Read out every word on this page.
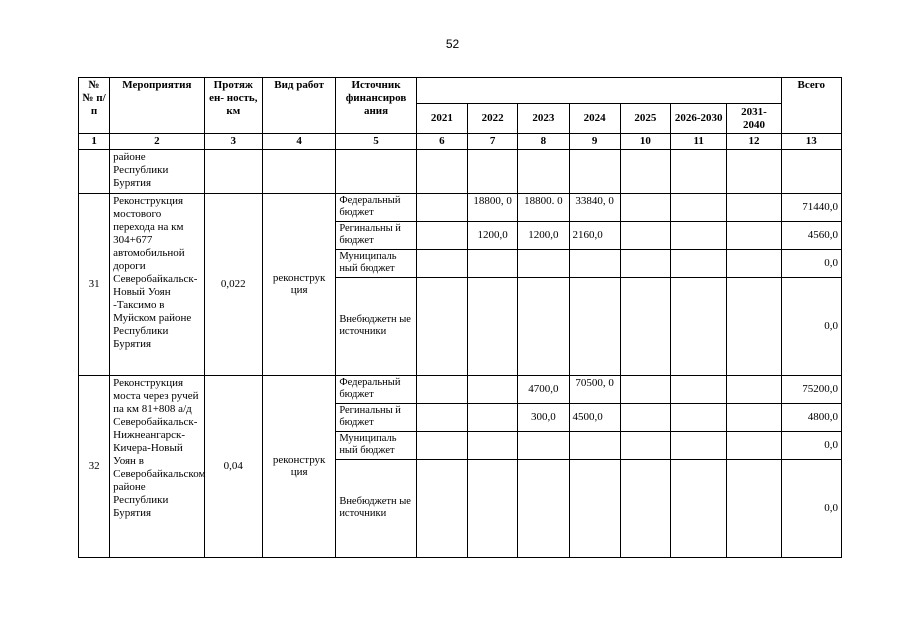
52
№ № п/п	Мероприятия	Протяж ен- ность, км	Вид работ	Источник финансиров ания								Всего
					2021	2022	2023	2024	2025	2026-2030	2031-2040	
1	2	3	4	5	6	7	8	9	10	11	12	13
	районе Республики Бурятия											
31	Реконструкция мостового перехода на км 304+677 автомобильной дороги Северобайкальск-Новый Уоян -Таксимо в Муйском районе Республики Бурятия	0,022	реконструк ция	Федеральный бюджет		18800, 0	18800. 0	33840, 0				71440,0
				Регинальны й бюджет		1200,0	1200,0	2160,0				4560,0
				Муниципаль ный бюджет								0,0
				Внебюджетн ые источники								0,0
32	Реконструкция моста через ручей па км 81+808 а/д Северобайкальск- Нижнеангарск- Кичера-Новый Уоян в Северобайкальском районе Республики Бурятия	0,04	реконструк ция	Федеральный бюджет			4700,0	70500, 0				75200,0
				Регинальны й бюджет			300,0	4500,0				4800,0
				Муниципаль ный бюджет								0,0
				Внебюджетн ые источники								0,0
